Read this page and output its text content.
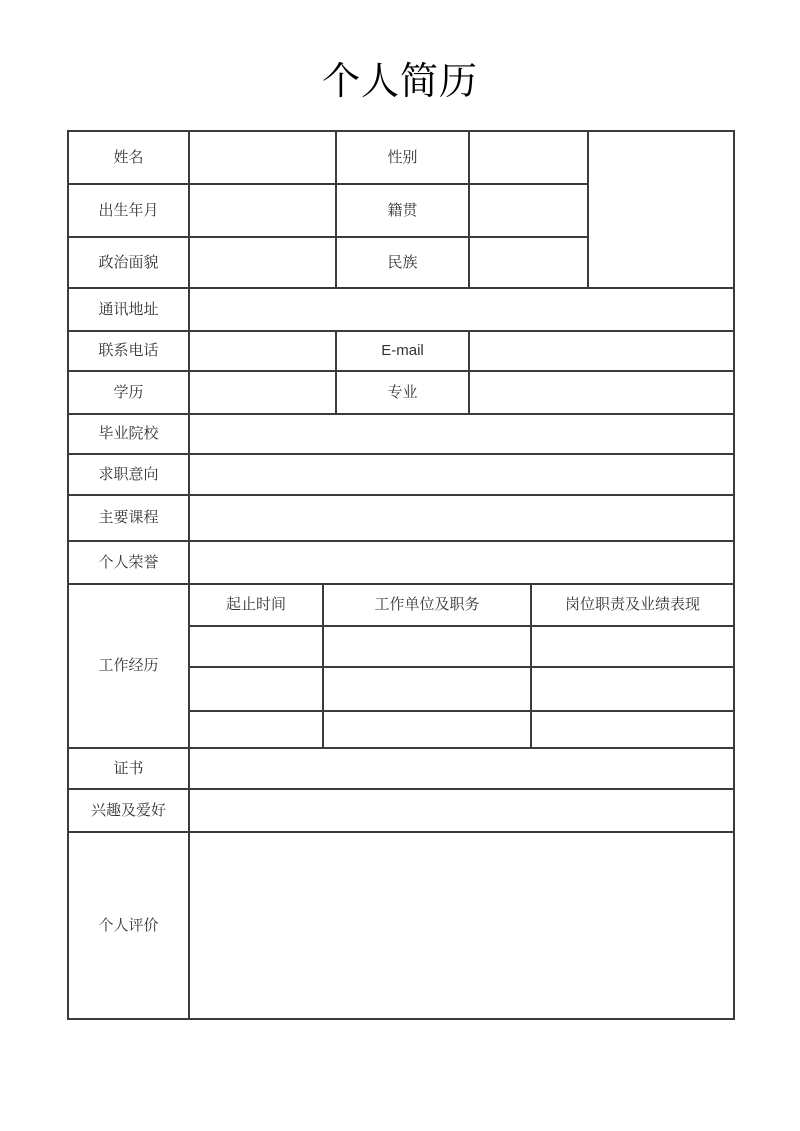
个人简历
姓名			性别			
出生年月			籍贯			
政治面貌			民族			
通讯地址						
联系电话			E-mail			
学历			专业			
毕业院校						
求职意向						
主要课程						
个人荣誉						
工作经历	起止时间	工作单位及职务			岗位职责及业绩表现	

证书						
兴趣及爱好						
个人评价						
